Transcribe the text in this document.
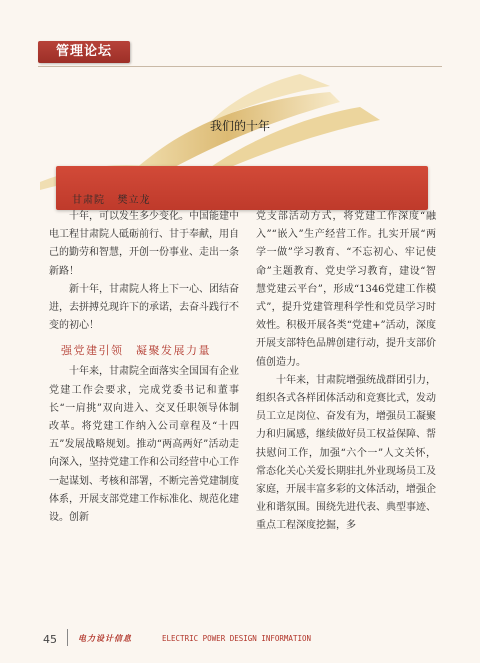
管理论坛
我们的十年
甘肃院   樊立龙

十年，可以发生多少变化。中国能建中电工程甘肃院人砥砺前行、甘于奉献，用自己的勤劳和智慧，开创一份事业、走出一条新路！

新十年，甘肃院人将上下一心、团结奋进，去拼搏兑现许下的承诺，去奋斗践行不变的初心！

强党建引领　凝聚发展力量

十年来，甘肃院全面落实全国国有企业党建工作会要求，完成党委书记和董事长“一肩挑”双向进入、交叉任职领导体制改革。将党建工作纳入公司章程及“十四五”发展战略规划。推动“两高两好”活动走向深入，坚持党建工作和公司经营中心工作一起谋划、考核和部署，不断完善党建制度体系，开展支部党建工作标准化、规范化建设。创新

党支部活动方式，将党建工作深度“融入”“嵌入”生产经营工作。扎实开展“两学一做”学习教育、“不忘初心、牢记使命”主题教育、党史学习教育，建设“智慧党建云平台”，形成“1346党建工作模式”，提升党建管理科学性和党员学习时效性。积极开展各类“党建+”活动，深度开展支部特色品牌创建行动，提升支部价值创造力。

十年来，甘肃院增强统战群团引力，组织各式各样团体活动和竞赛比式，发动员工立足岗位、奋发有为，增强员工凝聚力和归属感，继续做好员工权益保障、帮扶慰问工作，加强“六个一”人文关怀，常态化关心关爱长期驻扎外业现场员工及家庭，开展丰富多彩的文体活动，增强企业和谐氛围。围绕先进代表、典型事迹、重点工程深度挖掘，多

45	电力设计信息	ELECTRIC POWER DESIGN INFORMATION
